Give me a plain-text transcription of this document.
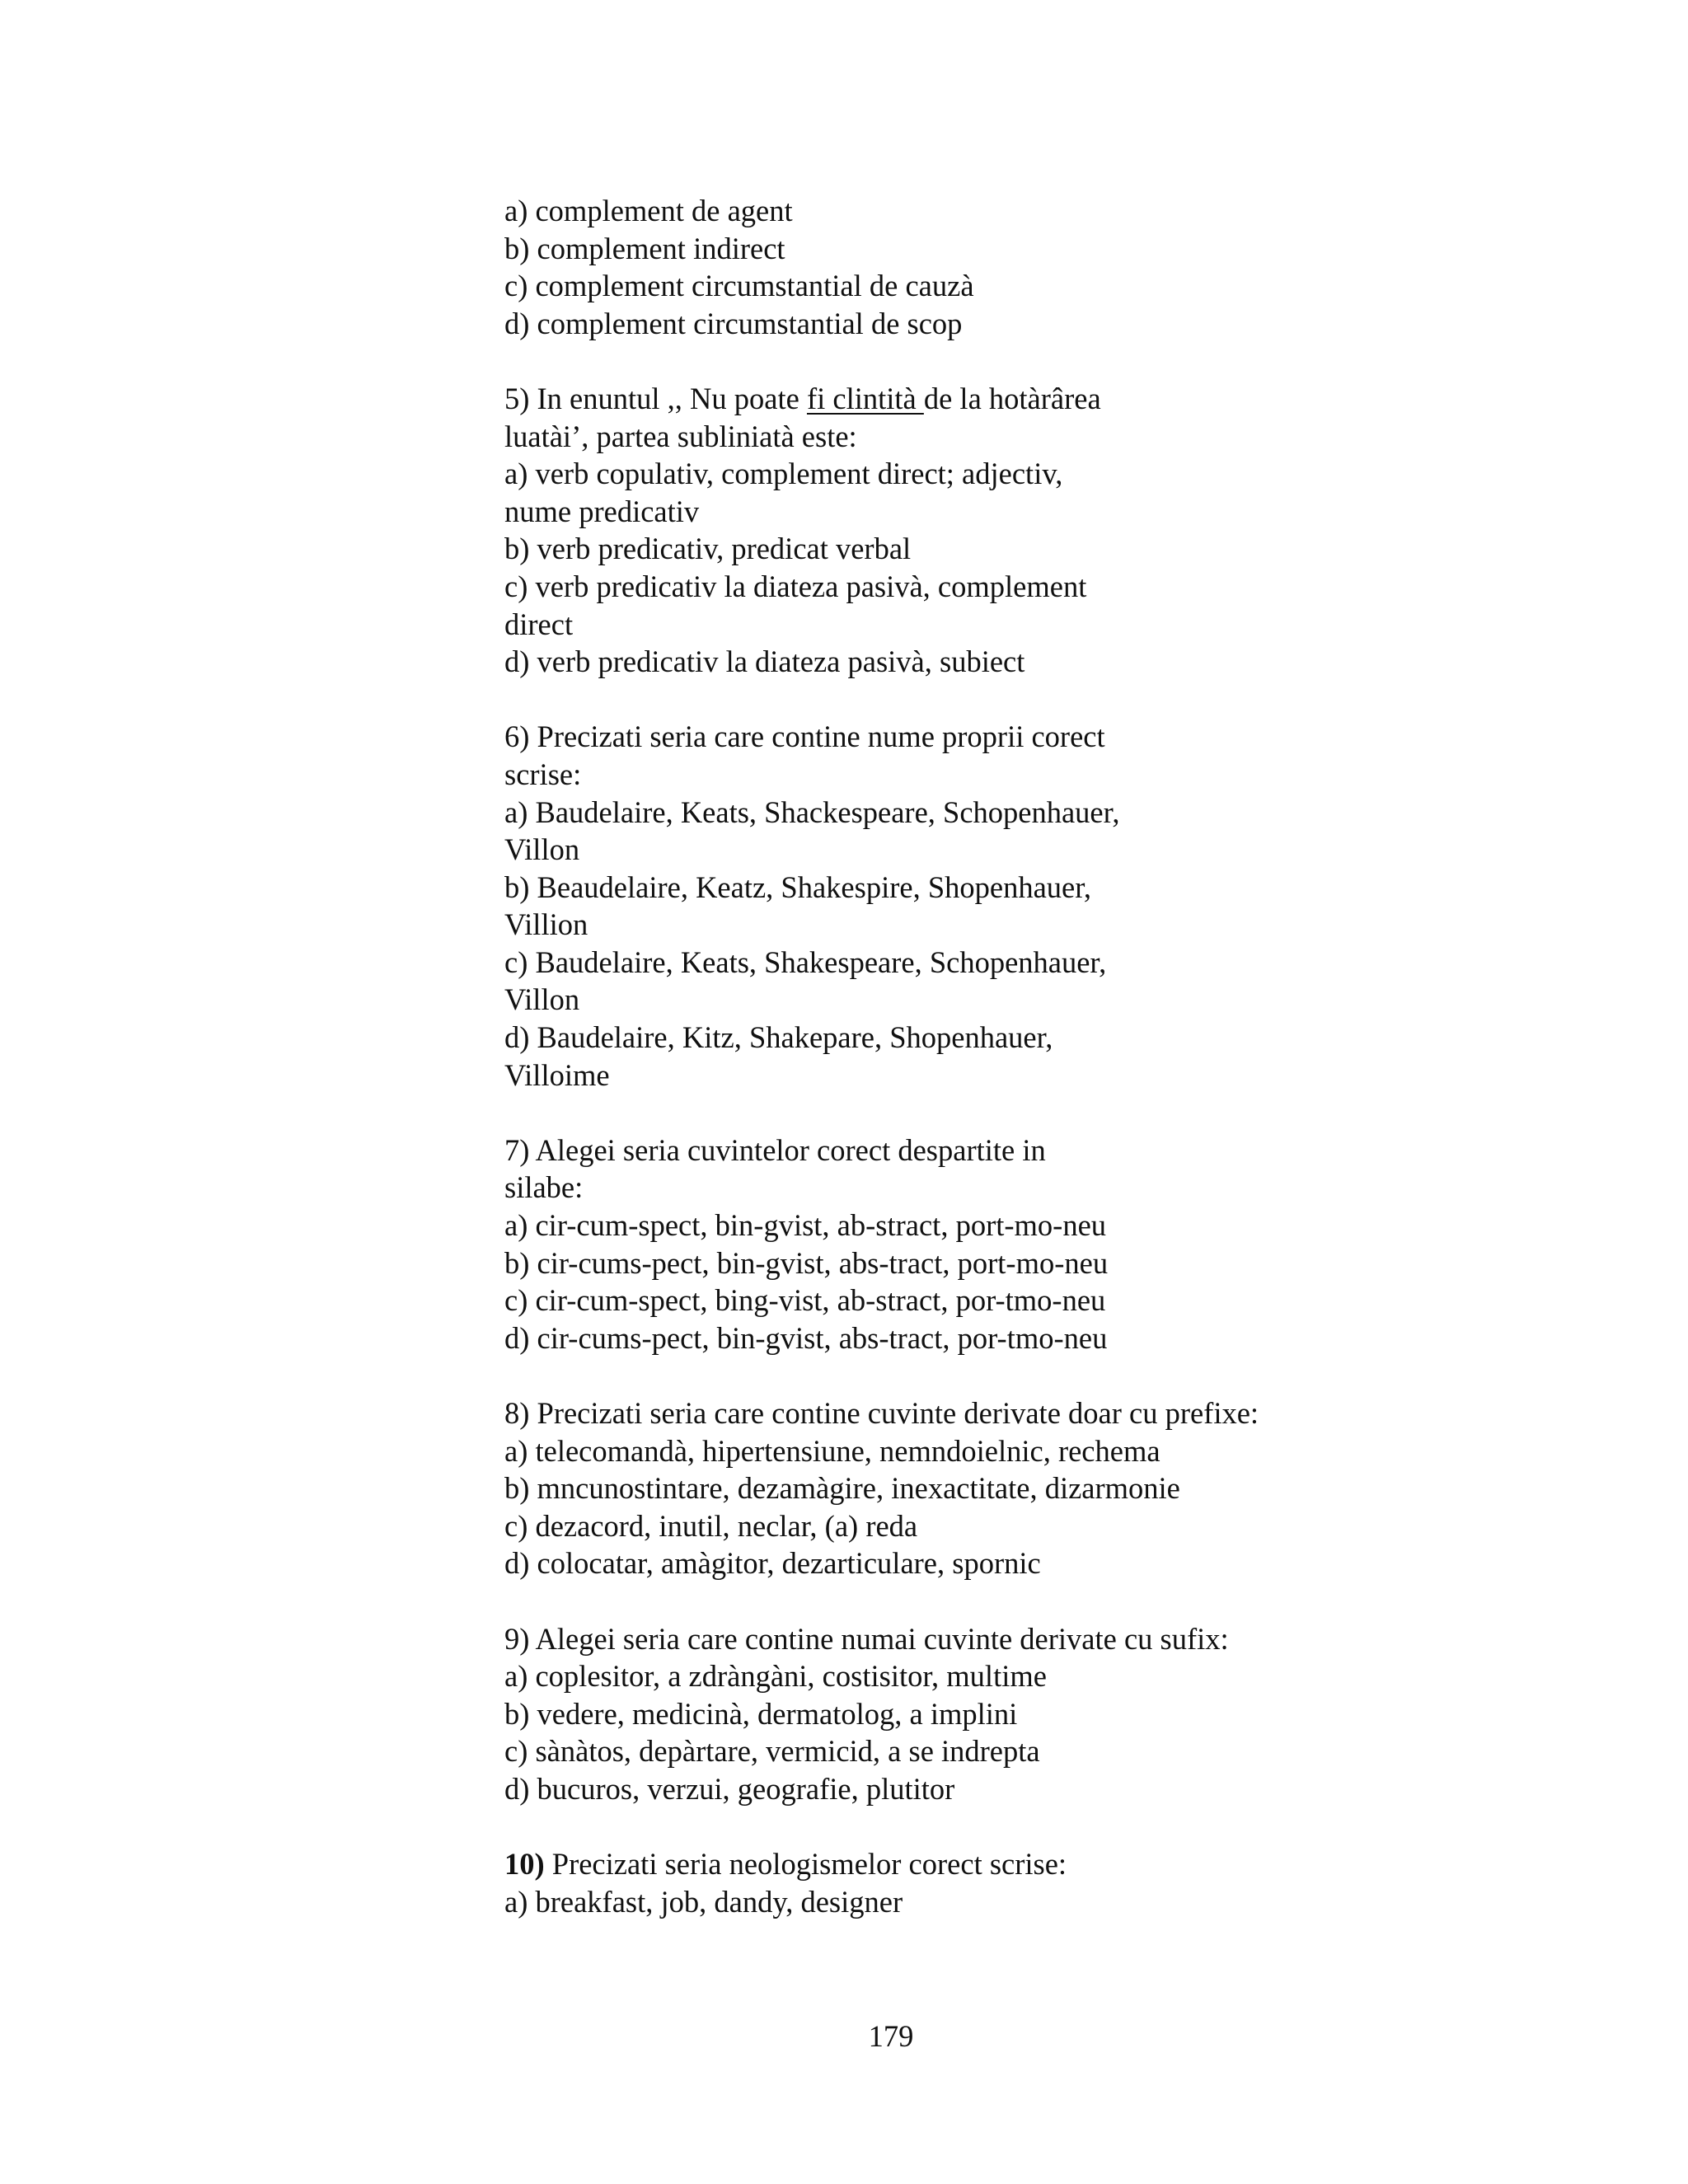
a) complement de agent
b) complement indirect
c) complement circumstantial de cauzà
d) complement circumstantial de scop
5) In enuntul ,, Nu poate fi clintità de la hotàrârea
luatài’, partea subliniatà este:
a) verb copulativ, complement direct; adjectiv,
nume predicativ
b) verb predicativ, predicat verbal
c) verb predicativ la diateza pasivà, complement
direct
d) verb predicativ la diateza pasivà, subiect
6) Precizati seria care contine nume proprii corect
scrise:
a) Baudelaire, Keats, Shackespeare, Schopenhauer,
Villon
b) Beaudelaire, Keatz, Shakespire, Shopenhauer,
Villion
c) Baudelaire, Keats, Shakespeare, Schopenhauer,
Villon
d) Baudelaire, Kitz, Shakepare, Shopenhauer,
Villoime
7) Alegei seria cuvintelor corect despartite in
silabe:
a) cir-cum-spect, bin-gvist, ab-stract, port-mo-neu
b) cir-cums-pect, bin-gvist, abs-tract, port-mo-neu
c) cir-cum-spect, bing-vist, ab-stract, por-tmo-neu
d) cir-cums-pect, bin-gvist, abs-tract, por-tmo-neu
8) Precizati seria care contine cuvinte derivate doar cu prefixe:
a) telecomandà, hipertensiune, nemndoielnic, rechema
b) mncunostintare, dezamàgire, inexactitate, dizarmonie
c) dezacord, inutil, neclar, (a) reda
d) colocatar, amàgitor, dezarticulare, spornic
9) Alegei seria care contine numai cuvinte derivate cu sufix:
a) coplesitor, a zdràngàni, costisitor, multime
b) vedere, medicinà, dermatolog, a implini
c) sànàtos, depàrtare, vermicid, a se indrepta
d) bucuros, verzui, geografie, plutitor
10) Precizati seria neologismelor corect scrise:
a) breakfast, job, dandy, designer
179
